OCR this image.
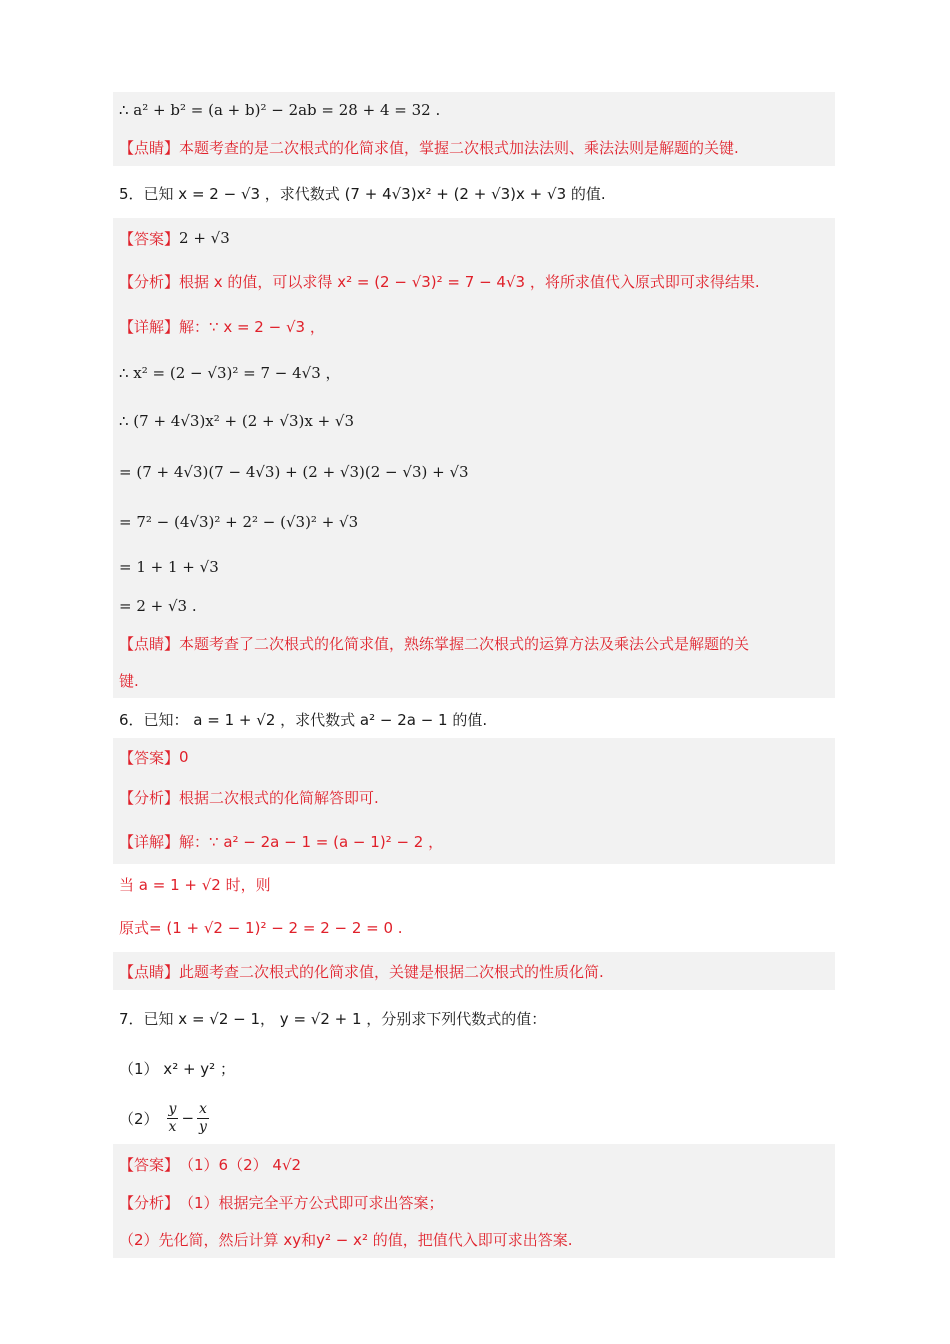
∴ a² + b² = (a + b)² − 2ab = 28 + 4 = 32 .
【点睛】 本题考查的是二次根式的化简求值，掌握二次根式加法法则、乘法法则是解题的关键.
5．已知 x = 2 − √3 ，求代数式 (7 + 4√3)x² + (2 + √3)x + √3 的值.
【答案】 2 + √3
【分析】 根据 x 的值，可以求得 x² = (2 − √3)² = 7 − 4√3 ，将所求值代入原式即可求得结果.
【详解】 解：∵ x = 2 − √3 ，
∴ x² = (2 − √3)² = 7 − 4√3 ，
∴ (7 + 4√3)x² + (2 + √3)x + √3
= (7 + 4√3)(7 − 4√3) + (2 + √3)(2 − √3) + √3
= 7² − (4√3)² + 2² − (√3)² + √3
= 1 + 1 + √3
= 2 + √3 .
【点睛】 本题考查了二次根式的化简求值，熟练掌握二次根式的运算方法及乘法公式是解题的关
键.
6．已知： a = 1 + √2 ，求代数式 a² − 2a − 1 的值.
【答案】 0
【分析】 根据二次根式的化简解答即可.
【详解】 解：∵ a² − 2a − 1 = (a − 1)² − 2 ，
当 a = 1 + √2 时，则
原式= (1 + √2 − 1)² − 2 = 2 − 2 = 0 .
【点睛】 此题考查二次根式的化简求值，关键是根据二次根式的性质化简.
7．已知 x = √2 − 1， y = √2 + 1 ，分别求下列代数式的值：
（1） x² + y² ；
$(2) \frac{y}{x} - \frac{x}{y}$
【答案】 （1）6（2） 4√2
【分析】 （1）根据完全平方公式即可求出答案；
（2）先化简，然后计算 xy和y² − x² 的值，把值代入即可求出答案.
